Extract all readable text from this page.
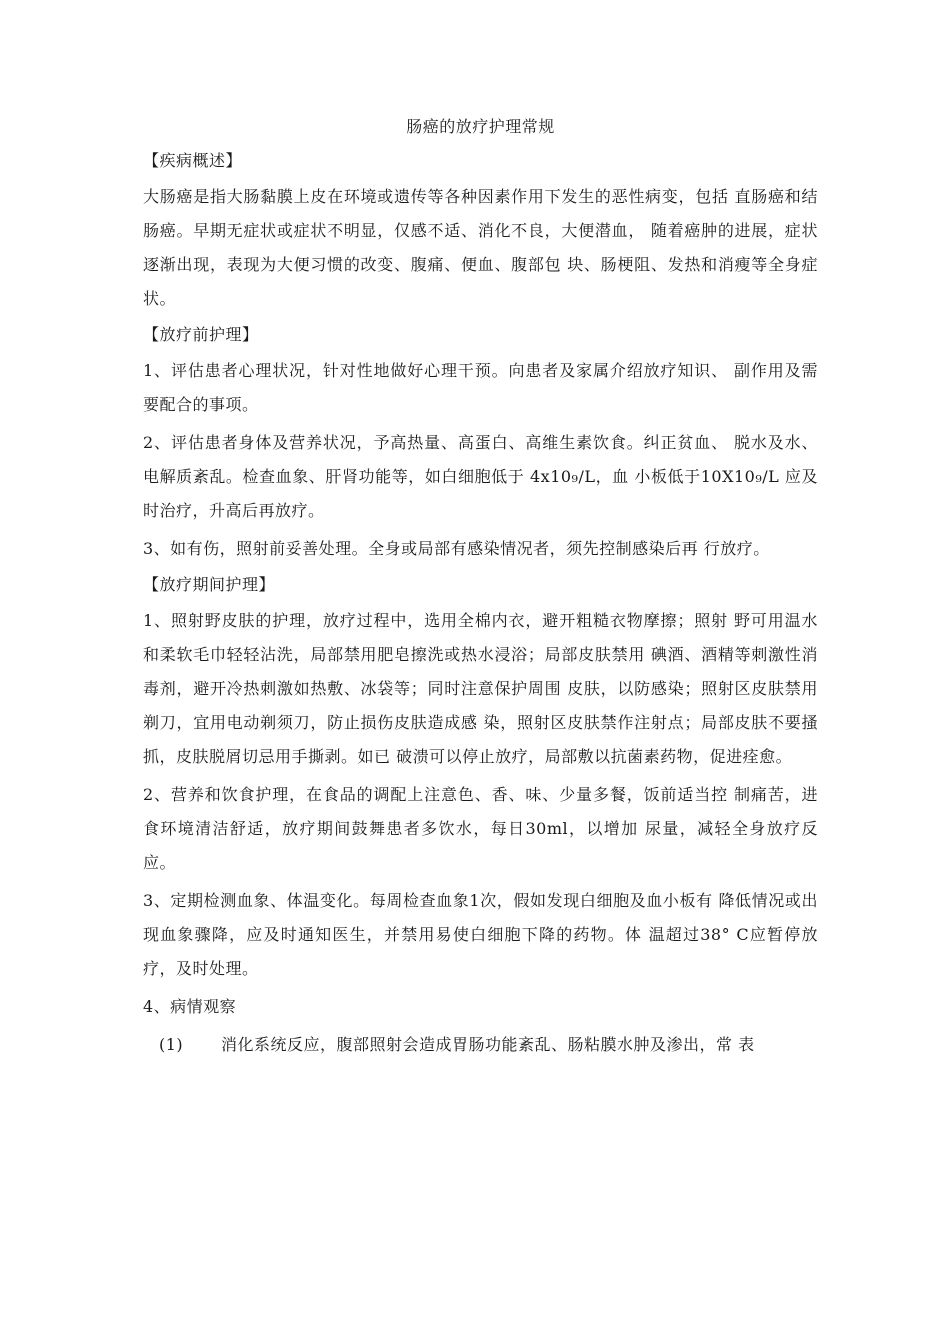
肠癌的放疗护理常规
【疾病概述】
大肠癌是指大肠黏膜上皮在环境或遗传等各种因素作用下发生的恶性病变，包括 直肠癌和结肠癌。早期无症状或症状不明显，仅感不适、消化不良，大便潜血， 随着癌肿的进展，症状逐渐出现，表现为大便习惯的改变、腹痛、便血、腹部包 块、肠梗阻、发热和消瘦等全身症状。
【放疗前护理】
1、评估患者心理状况，针对性地做好心理干预。向患者及家属介绍放疗知识、 副作用及需要配合的事项。
2、评估患者身体及营养状况，予高热量、高蛋白、高维生素饮食。纠正贫血、 脱水及水、电解质紊乱。检查血象、肝肾功能等，如白细胞低于 4x10₉/L，血 小板低于10X10₉/L 应及时治疗，升高后再放疗。
3、如有伤，照射前妥善处理。全身或局部有感染情况者，须先控制感染后再 行放疗。
【放疗期间护理】
1、照射野皮肤的护理，放疗过程中，选用全棉内衣，避开粗糙衣物摩擦；照射 野可用温水和柔软毛巾轻轻沾洗，局部禁用肥皂擦洗或热水浸浴；局部皮肤禁用 碘酒、酒精等刺激性消毒剂，避开冷热刺激如热敷、冰袋等；同时注意保护周围 皮肤，以防感染；照射区皮肤禁用剃刀，宜用电动剃须刀，防止损伤皮肤造成感 染，照射区皮肤禁作注射点；局部皮肤不要搔抓，皮肤脱屑切忌用手撕剥。如已 破溃可以停止放疗，局部敷以抗菌素药物，促进痊愈。
2、营养和饮食护理，在食品的调配上注意色、香、味、少量多餐，饭前适当控 制痛苦，进食环境清洁舒适，放疗期间鼓舞患者多饮水，每日30ml，以增加 尿量，减轻全身放疗反应。
3、定期检测血象、体温变化。每周检查血象1次，假如发现白细胞及血小板有 降低情况或出现血象骤降，应及时通知医生，并禁用易使白细胞下降的药物。体 温超过38° C应暂停放疗，及时处理。
4、病情观察
(1) 消化系统反应，腹部照射会造成胃肠功能紊乱、肠粘膜水肿及渗出，常 表
